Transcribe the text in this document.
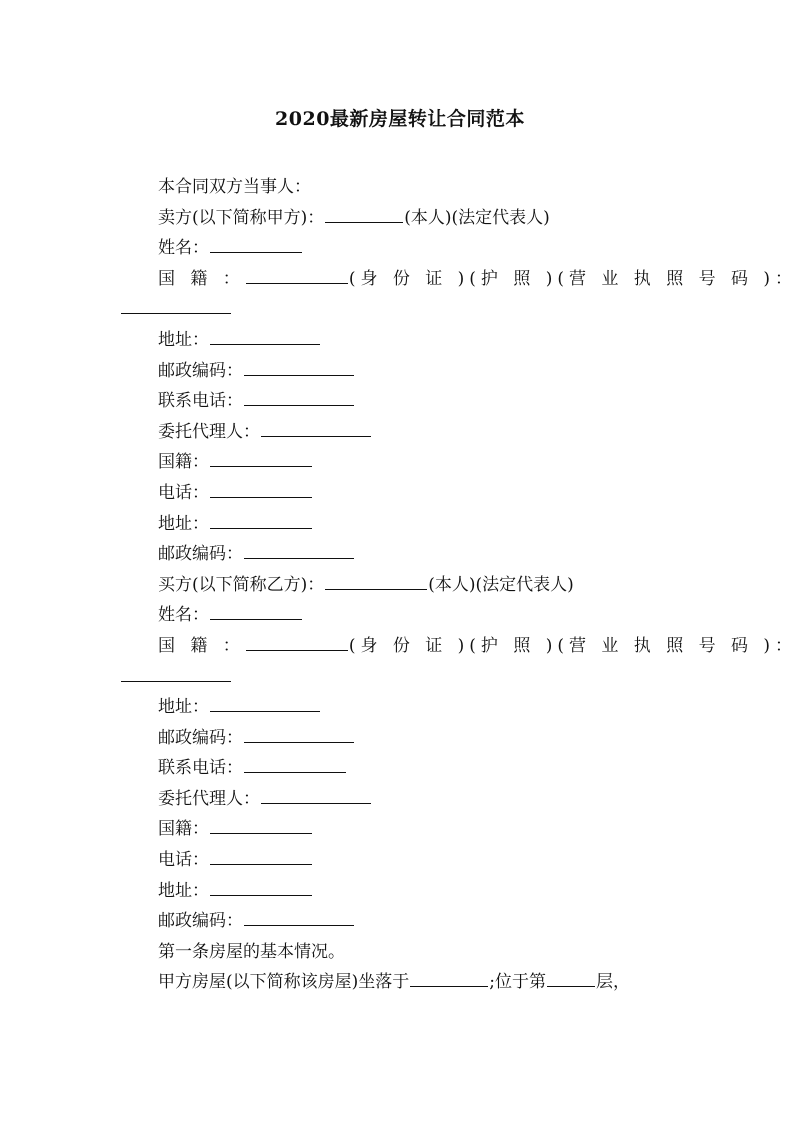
2020最新房屋转让合同范本
本合同双方当事人：
卖方(以下简称甲方)：	(本人)(法定代表人)
姓名：
国 籍 ：	(身 份 证 )(护 照 )(营 业 执 照 号 码 )：
地址：
邮政编码：
联系电话：
委托代理人：
国籍：
电话：
地址：
邮政编码：
买方(以下简称乙方)：	(本人)(法定代表人)
姓名：
国 籍 ：	(身 份 证 )(护 照 )(营 业 执 照 号 码 )：
地址：
邮政编码：
联系电话：
委托代理人：
国籍：
电话：
地址：
邮政编码：
第一条房屋的基本情况。
甲方房屋(以下简称该房屋)坐落于	;位于第	层，
